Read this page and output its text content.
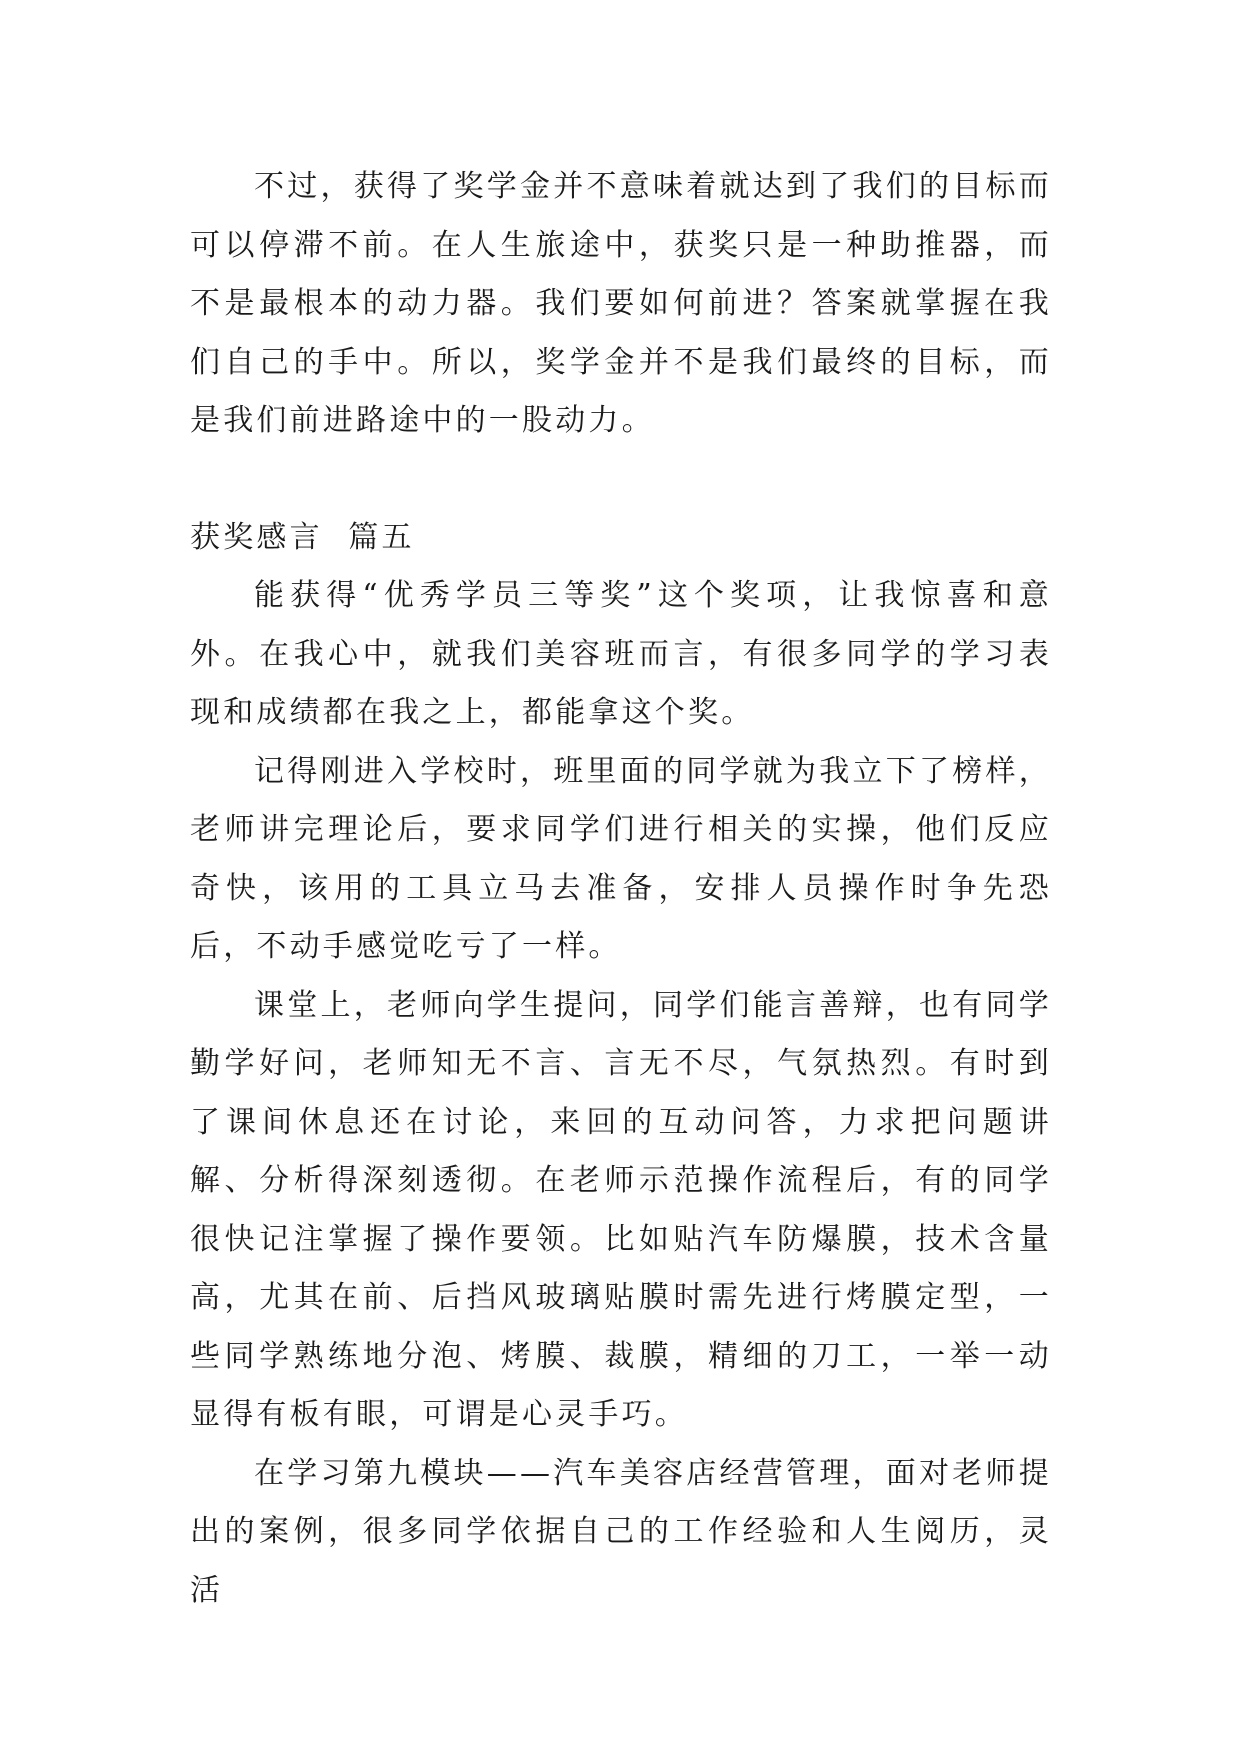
不过，获得了奖学金并不意味着就达到了我们的目标而可以停滞不前。在人生旅途中，获奖只是一种助推器，而不是最根本的动力器。我们要如何前进？答案就掌握在我们自己的手中。所以，奖学金并不是我们最终的目标，而是我们前进路途中的一股动力。

获奖感言  篇五

能获得“优秀学员三等奖”这个奖项，让我惊喜和意外。在我心中，就我们美容班而言，有很多同学的学习表现和成绩都在我之上，都能拿这个奖。

记得刚进入学校时，班里面的同学就为我立下了榜样，老师讲完理论后，要求同学们进行相关的实操，他们反应奇快，该用的工具立马去准备，安排人员操作时争先恐后，不动手感觉吃亏了一样。

课堂上，老师向学生提问，同学们能言善辩，也有同学勤学好问，老师知无不言、言无不尽，气氛热烈。有时到了课间休息还在讨论，来回的互动问答，力求把问题讲解、分析得深刻透彻。在老师示范操作流程后，有的同学很快记注掌握了操作要领。比如贴汽车防爆膜，技术含量高，尤其在前、后挡风玻璃贴膜时需先进行烤膜定型，一些同学熟练地分泡、烤膜、裁膜，精细的刀工，一举一动显得有板有眼，可谓是心灵手巧。

在学习第九模块——汽车美容店经营管理，面对老师提出的案例，很多同学依据自己的工作经验和人生阅历，灵活
